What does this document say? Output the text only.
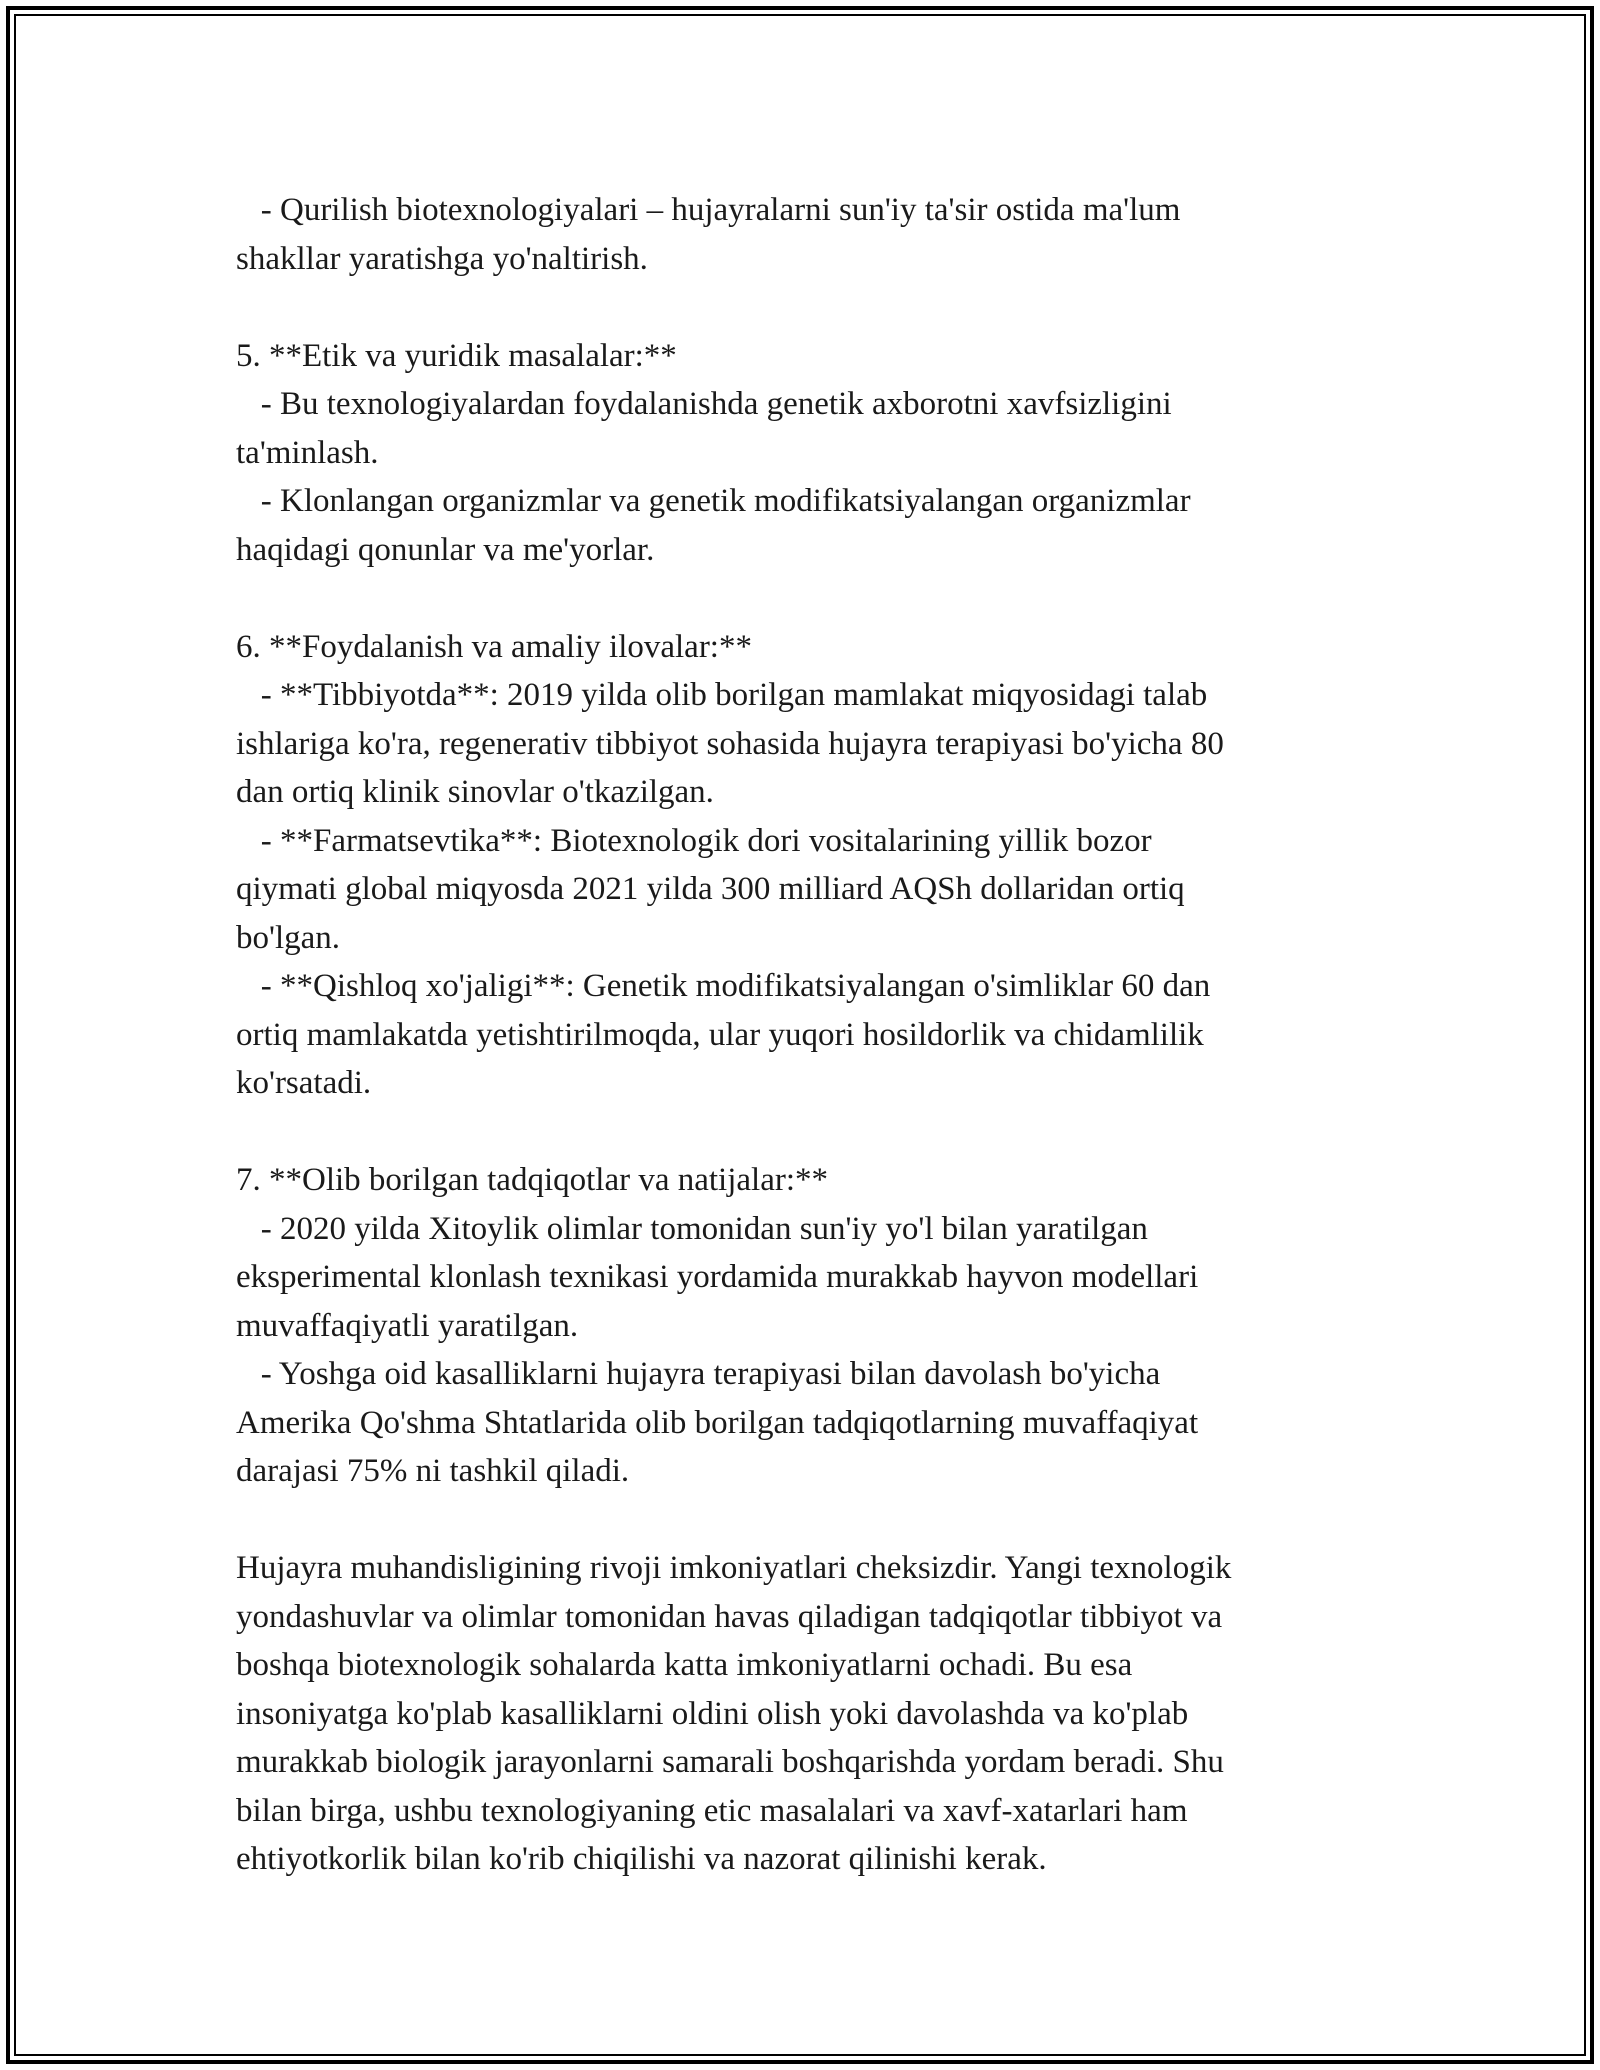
- Qurilish biotexnologiyalari – hujayralarni sun'iy ta'sir ostida ma'lum
shakllar yaratishga yo'naltirish.
5. **Etik va yuridik masalalar:**
- Bu texnologiyalardan foydalanishda genetik axborotni xavfsizligini
ta'minlash.
- Klonlangan organizmlar va genetik modifikatsiyalangan organizmlar
haqidagi qonunlar va me'yorlar.
6. **Foydalanish va amaliy ilovalar:**
- **Tibbiyotda**: 2019 yilda olib borilgan mamlakat miqyosidagi talab
ishlariga ko'ra, regenerativ tibbiyot sohasida hujayra terapiyasi bo'yicha 80
dan ortiq klinik sinovlar o'tkazilgan.
- **Farmatsevtika**: Biotexnologik dori vositalarining yillik bozor
qiymati global miqyosda 2021 yilda 300 milliard AQSh dollaridan ortiq
bo'lgan.
- **Qishloq xo'jaligi**: Genetik modifikatsiyalangan o'simliklar 60 dan
ortiq mamlakatda yetishtirilmoqda, ular yuqori hosildorlik va chidamlilik
ko'rsatadi.
7. **Olib borilgan tadqiqotlar va natijalar:**
- 2020 yilda Xitoylik olimlar tomonidan sun'iy yo'l bilan yaratilgan
eksperimental klonlash texnikasi yordamida murakkab hayvon modellari
muvaffaqiyatli yaratilgan.
- Yoshga oid kasalliklarni hujayra terapiyasi bilan davolash bo'yicha
Amerika Qo'shma Shtatlarida olib borilgan tadqiqotlarning muvaffaqiyat
darajasi 75% ni tashkil qiladi.
Hujayra muhandisligining rivoji imkoniyatlari cheksizdir. Yangi texnologik
yondashuvlar va olimlar tomonidan havas qiladigan tadqiqotlar tibbiyot va
boshqa biotexnologik sohalarda katta imkoniyatlarni ochadi. Bu esa
insoniyatga ko'plab kasalliklarni oldini olish yoki davolashda va ko'plab
murakkab biologik jarayonlarni samarali boshqarishda yordam beradi. Shu
bilan birga, ushbu texnologiyaning etic masalalari va xavf-xatarlari ham
ehtiyotkorlik bilan ko'rib chiqilishi va nazorat qilinishi kerak.
